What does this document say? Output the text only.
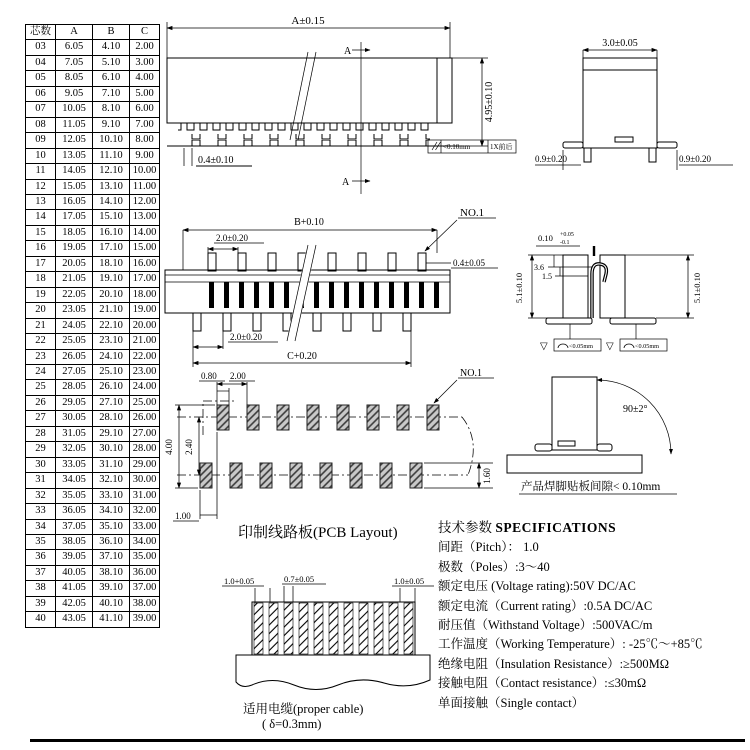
芯数	A	B	C
03	6.05	4.10	2.00
04	7.05	5.10	3.00
05	8.05	6.10	4.00
06	9.05	7.10	5.00
07	10.05	8.10	6.00
08	11.05	9.10	7.00
09	12.05	10.10	8.00
10	13.05	11.10	9.00
11	14.05	12.10	10.00
12	15.05	13.10	11.00
13	16.05	14.10	12.00
14	17.05	15.10	13.00
15	18.05	16.10	14.00
16	19.05	17.10	15.00
17	20.05	18.10	16.00
18	21.05	19.10	17.00
19	22.05	20.10	18.00
20	23.05	21.10	19.00
21	24.05	22.10	20.00
22	25.05	23.10	21.00
23	26.05	24.10	22.00
24	27.05	25.10	23.00
25	28.05	26.10	24.00
26	29.05	27.10	25.00
27	30.05	28.10	26.00
28	31.05	29.10	27.00
29	32.05	30.10	28.00
30	33.05	31.10	29.00
31	34.05	32.10	30.00
32	35.05	33.10	31.00
33	36.05	34.10	32.00
34	37.05	35.10	33.00
35	38.05	36.10	34.00
36	39.05	37.10	35.00
37	40.05	38.10	36.00
38	41.05	39.10	37.00
39	42.05	40.10	38.00
40	43.05	41.10	39.00
A±0.15
A
A
4.95±0.10
0.4±0.10
<0.10mm	1X前后
3.0±0.05
0.9±0.20	0.9±0.20
B+0.10
2.0±0.20
0.4±0.05
NO.1
2.0±0.20
C+0.20
0.10 +0.05
-0.1
3.6
1.5
5.1±0.10	5.1±0.10
▽	<0.05mm ▽	<0.05mm
90±2°
产品焊脚贴板间隙< 0.10mm
0.80 2.00
4.00 2.40
1.60
1.00
NO.1
印制线路板(PCB Layout)
1.0+0.05	0.7±0.05	1.0±0.05
适用电缆(proper cable)
( δ=0.3mm)
技术参数 SPECIFICATIONS
间距（Pitch）： 1.0
极数（Poles）:3～40
额定电压 (Voltage rating):50V DC/AC
额定电流（Current rating）:0.5A DC/AC
耐压值（Withstand Voltage）:500VAC/m
工作温度（Working Temperature）: -25℃～+85℃
绝缘电阻（Insulation Resistance）:≥500MΩ
接触电阻（Contact resistance）:≤30mΩ
单面接触（Single contact）
